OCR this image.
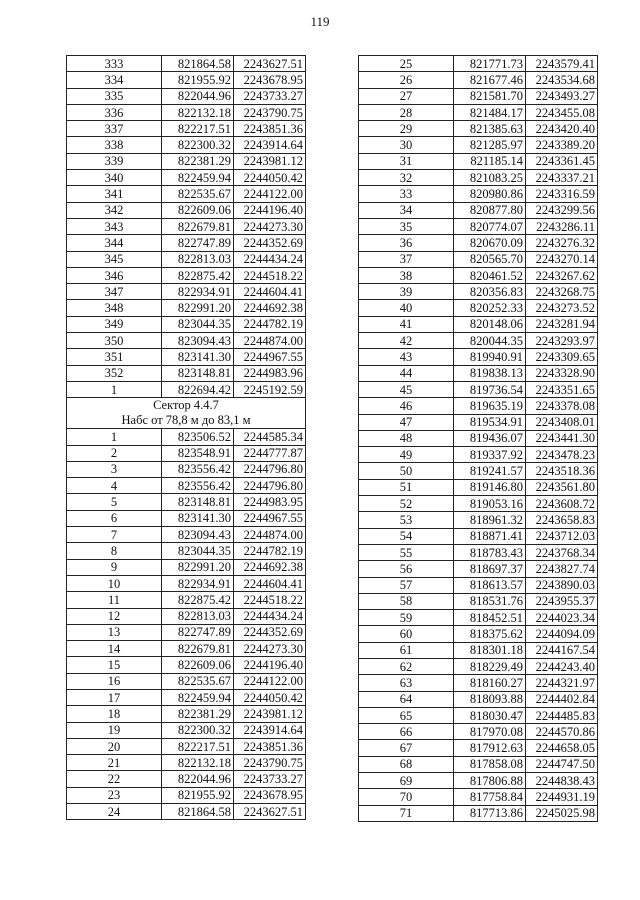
119
333	821864.58	2243627.51
334	821955.92	2243678.95
335	822044.96	2243733.27
336	822132.18	2243790.75
337	822217.51	2243851.36
338	822300.32	2243914.64
339	822381.29	2243981.12
340	822459.94	2244050.42
341	822535.67	2244122.00
342	822609.06	2244196.40
343	822679.81	2244273.30
344	822747.89	2244352.69
345	822813.03	2244434.24
346	822875.42	2244518.22
347	822934.91	2244604.41
348	822991.20	2244692.38
349	823044.35	2244782.19
350	823094.43	2244874.00
351	823141.30	2244967.55
352	823148.81	2244983.96
1	822694.42	2245192.59

Сектор 4.4.7
Набс от 78,8 м до 83,1 м		

1	823506.52	2244585.34
2	823548.91	2244777.87
3	823556.42	2244796.80
4	823556.42	2244796.80
5	823148.81	2244983.95
6	823141.30	2244967.55
7	823094.43	2244874.00
8	823044.35	2244782.19
9	822991.20	2244692.38
10	822934.91	2244604.41
11	822875.42	2244518.22
12	822813.03	2244434.24
13	822747.89	2244352.69
14	822679.81	2244273.30
15	822609.06	2244196.40
16	822535.67	2244122.00
17	822459.94	2244050.42
18	822381.29	2243981.12
19	822300.32	2243914.64
20	822217.51	2243851.36
21	822132.18	2243790.75
22	822044.96	2243733.27
23	821955.92	2243678.95
24	821864.58	2243627.51
25	821771.73	2243579.41
26	821677.46	2243534.68
27	821581.70	2243493.27
28	821484.17	2243455.08
29	821385.63	2243420.40
30	821285.97	2243389.20
31	821185.14	2243361.45
32	821083.25	2243337.21
33	820980.86	2243316.59
34	820877.80	2243299.56
35	820774.07	2243286.11
36	820670.09	2243276.32
37	820565.70	2243270.14
38	820461.52	2243267.62
39	820356.83	2243268.75
40	820252.33	2243273.52
41	820148.06	2243281.94
42	820044.35	2243293.97
43	819940.91	2243309.65
44	819838.13	2243328.90
45	819736.54	2243351.65
46	819635.19	2243378.08
47	819534.91	2243408.01
48	819436.07	2243441.30
49	819337.92	2243478.23
50	819241.57	2243518.36
51	819146.80	2243561.80
52	819053.16	2243608.72
53	818961.32	2243658.83
54	818871.41	2243712.03
55	818783.43	2243768.34
56	818697.37	2243827.74
57	818613.57	2243890.03
58	818531.76	2243955.37
59	818452.51	2244023.34
60	818375.62	2244094.09
61	818301.18	2244167.54
62	818229.49	2244243.40
63	818160.27	2244321.97
64	818093.88	2244402.84
65	818030.47	2244485.83
66	817970.08	2244570.86
67	817912.63	2244658.05
68	817858.08	2244747.50
69	817806.88	2244838.43
70	817758.84	2244931.19
71	817713.86	2245025.98
